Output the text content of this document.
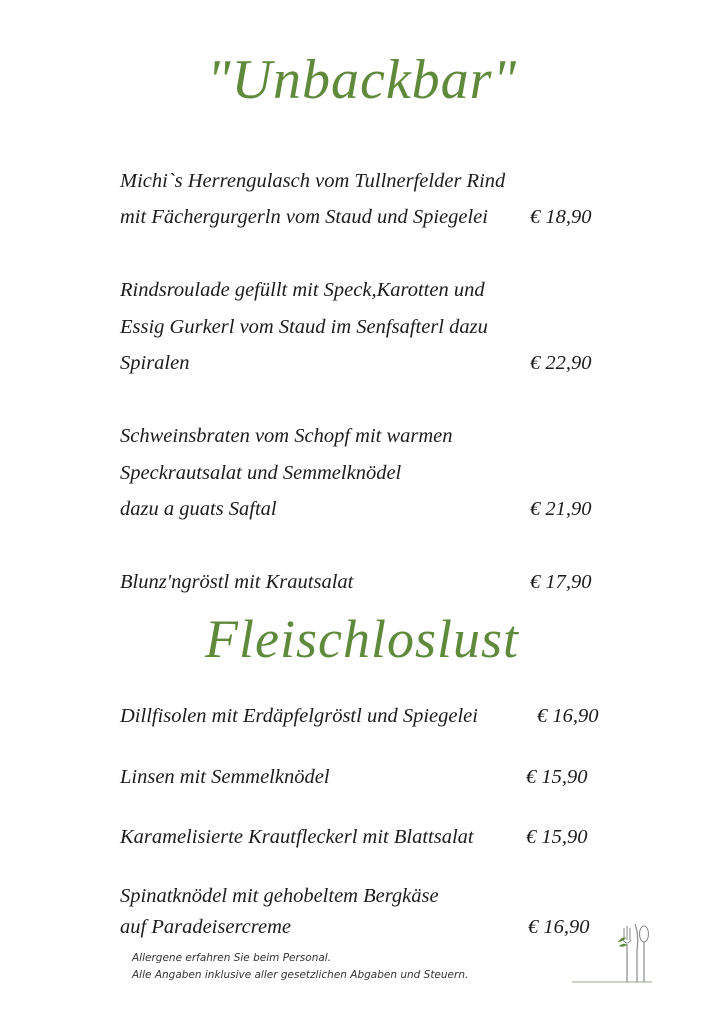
"Unbackbar"
Michi`s Herrengulasch vom Tullnerfelder Rind
mit Fächergurgerln vom Staud und Spiegelei € 18,90
Rindsroulade gefüllt mit Speck,Karotten und
Essig Gurkerl vom Staud im Senfsafterl dazu
Spiralen	€ 22,90
Schweinsbraten vom Schopf mit warmen
Speckrautsalat und Semmelknödel
dazu a guats Saftal	€ 21,90
Blunz'ngröstl mit Krautsalat	€ 17,90
Fleischloslust
Dillfisolen mit Erdäpfelgröstl und Spiegelei	€ 16,90
Linsen mit Semmelknödel	€ 15,90
Karamelisierte Krautfleckerl mit Blattsalat	€ 15,90
Spinatknödel mit gehobeltem Bergkäse
auf Paradeisercreme	€ 16,90
Allergene erfahren Sie beim Personal.
Alle Angaben inklusive aller gesetzlichen Abgaben und Steuern.
